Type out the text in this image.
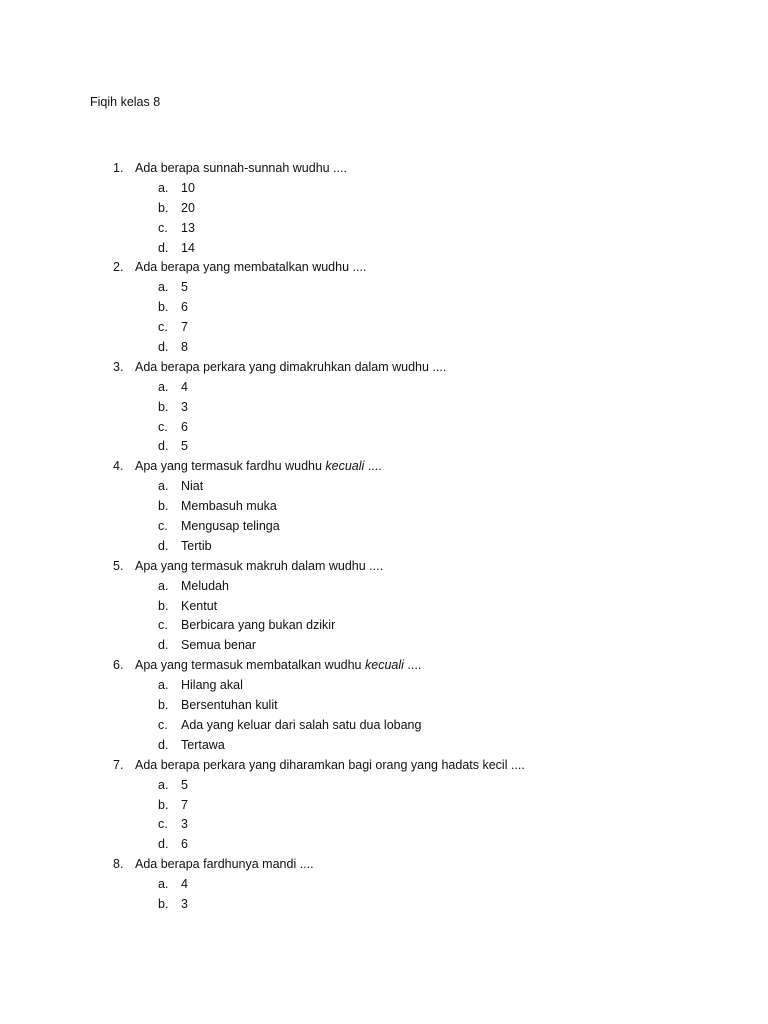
Fiqih kelas 8
1. Ada berapa sunnah-sunnah wudhu ....
a.	10
b.	20
c.	13
d.	14
2. Ada berapa yang membatalkan wudhu ....
a.	5
b.	6
c.	7
d.	8
3. Ada berapa perkara yang dimakruhkan dalam wudhu ....
a.	4
b.	3
c.	6
d.	5
4. Apa yang termasuk fardhu wudhu kecuali ....
a.	Niat
b.	Membasuh muka
c.	Mengusap telinga
d.	Tertib
5. Apa yang termasuk makruh dalam wudhu ....
a.	Meludah
b.	Kentut
c.	Berbicara yang bukan dzikir
d.	Semua benar
6. Apa yang termasuk membatalkan wudhu kecuali ....
a.	Hilang akal
b.	Bersentuhan kulit
c.	Ada yang keluar dari salah satu dua lobang
d.	Tertawa
7. Ada berapa perkara yang diharamkan bagi orang yang hadats kecil ....
a.	5
b.	7
c.	3
d.	6
8. Ada berapa fardhunya mandi ....
a.	4
b.	3
